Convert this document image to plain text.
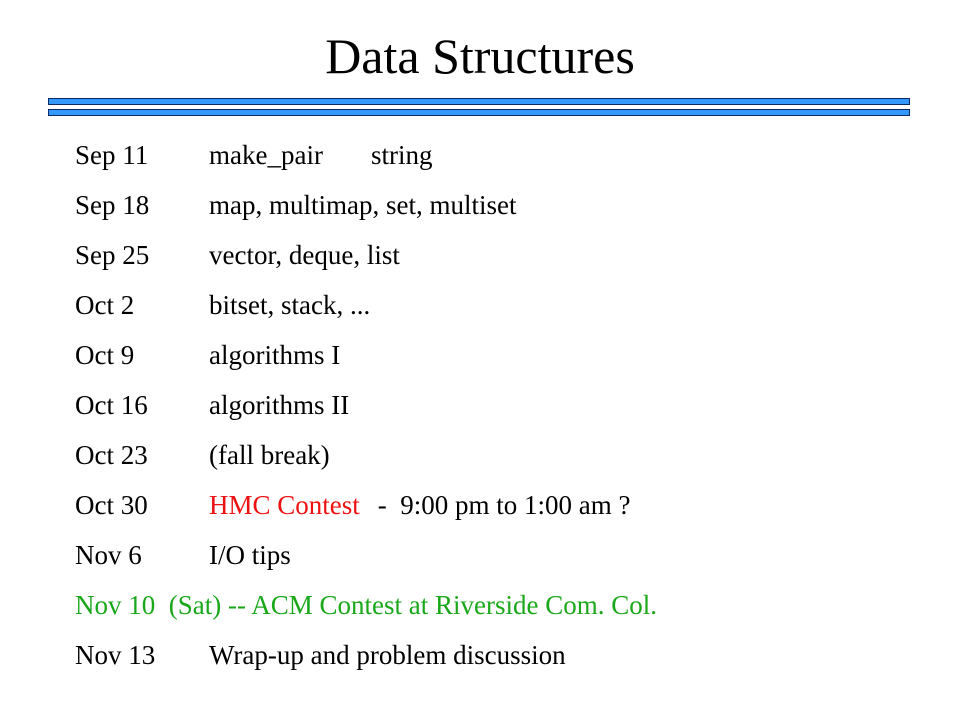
Data Structures
Sep 11 make_pair string
Sep 18 map, multimap, set, multiset
Sep 25 vector, deque, list
Oct 2	bitset, stack, ...
Oct 9	algorithms I
Oct 16 algorithms II
Oct 23 (fall break)
Oct 30 HMC Contest -  9:00 pm to 1:00 am ?
Nov 6 I/O tips
Nov 10  (Sat) -- ACM Contest at Riverside Com. Col.
Nov 13 Wrap-up and problem discussion
